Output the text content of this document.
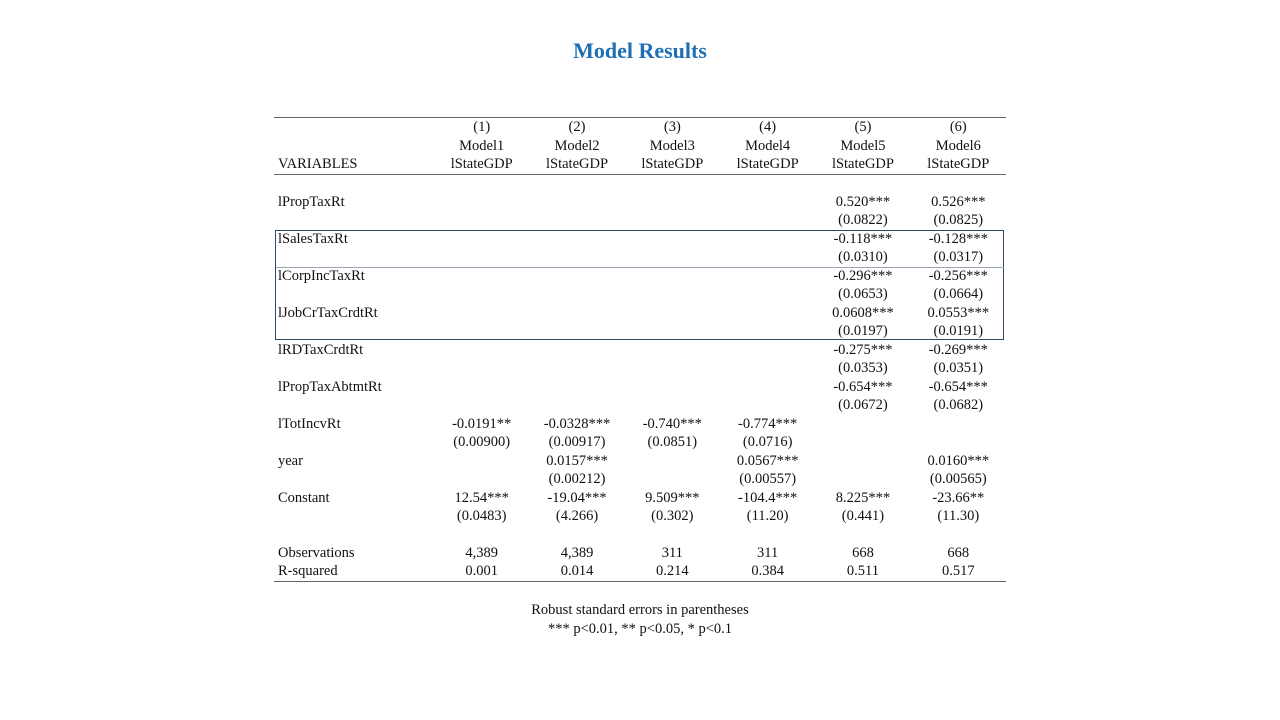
Model Results
	(1)	(2)	(3)	(4)	(5)	(6)
	Model1	Model2	Model3	Model4	Model5	Model6
VARIABLES	lStateGDP	lStateGDP	lStateGDP	lStateGDP	lStateGDP	lStateGDP

lPropTaxRt					0.520***	0.526***
					(0.0822)	(0.0825)
lSalesTaxRt					-0.118***	-0.128***
					(0.0310)	(0.0317)
lCorpIncTaxRt					-0.296***	-0.256***
					(0.0653)	(0.0664)
lJobCrTaxCrdtRt					0.0608***	0.0553***
					(0.0197)	(0.0191)
lRDTaxCrdtRt					-0.275***	-0.269***
					(0.0353)	(0.0351)
lPropTaxAbtmtRt					-0.654***	-0.654***
					(0.0672)	(0.0682)
lTotIncvRt	-0.0191**	-0.0328***	-0.740***	-0.774***		
	(0.00900)	(0.00917)	(0.0851)	(0.0716)		
year		0.0157***		0.0567***		0.0160***
		(0.00212)		(0.00557)		(0.00565)
Constant	12.54***	-19.04***	9.509***	-104.4***	8.225***	-23.66**
	(0.0483)	(4.266)	(0.302)	(11.20)	(0.441)	(11.30)

Observations	4,389	4,389	311	311	668	668
R-squared	0.001	0.014	0.214	0.384	0.511	0.517
Robust standard errors in parentheses
*** p<0.01, ** p<0.05, * p<0.1
